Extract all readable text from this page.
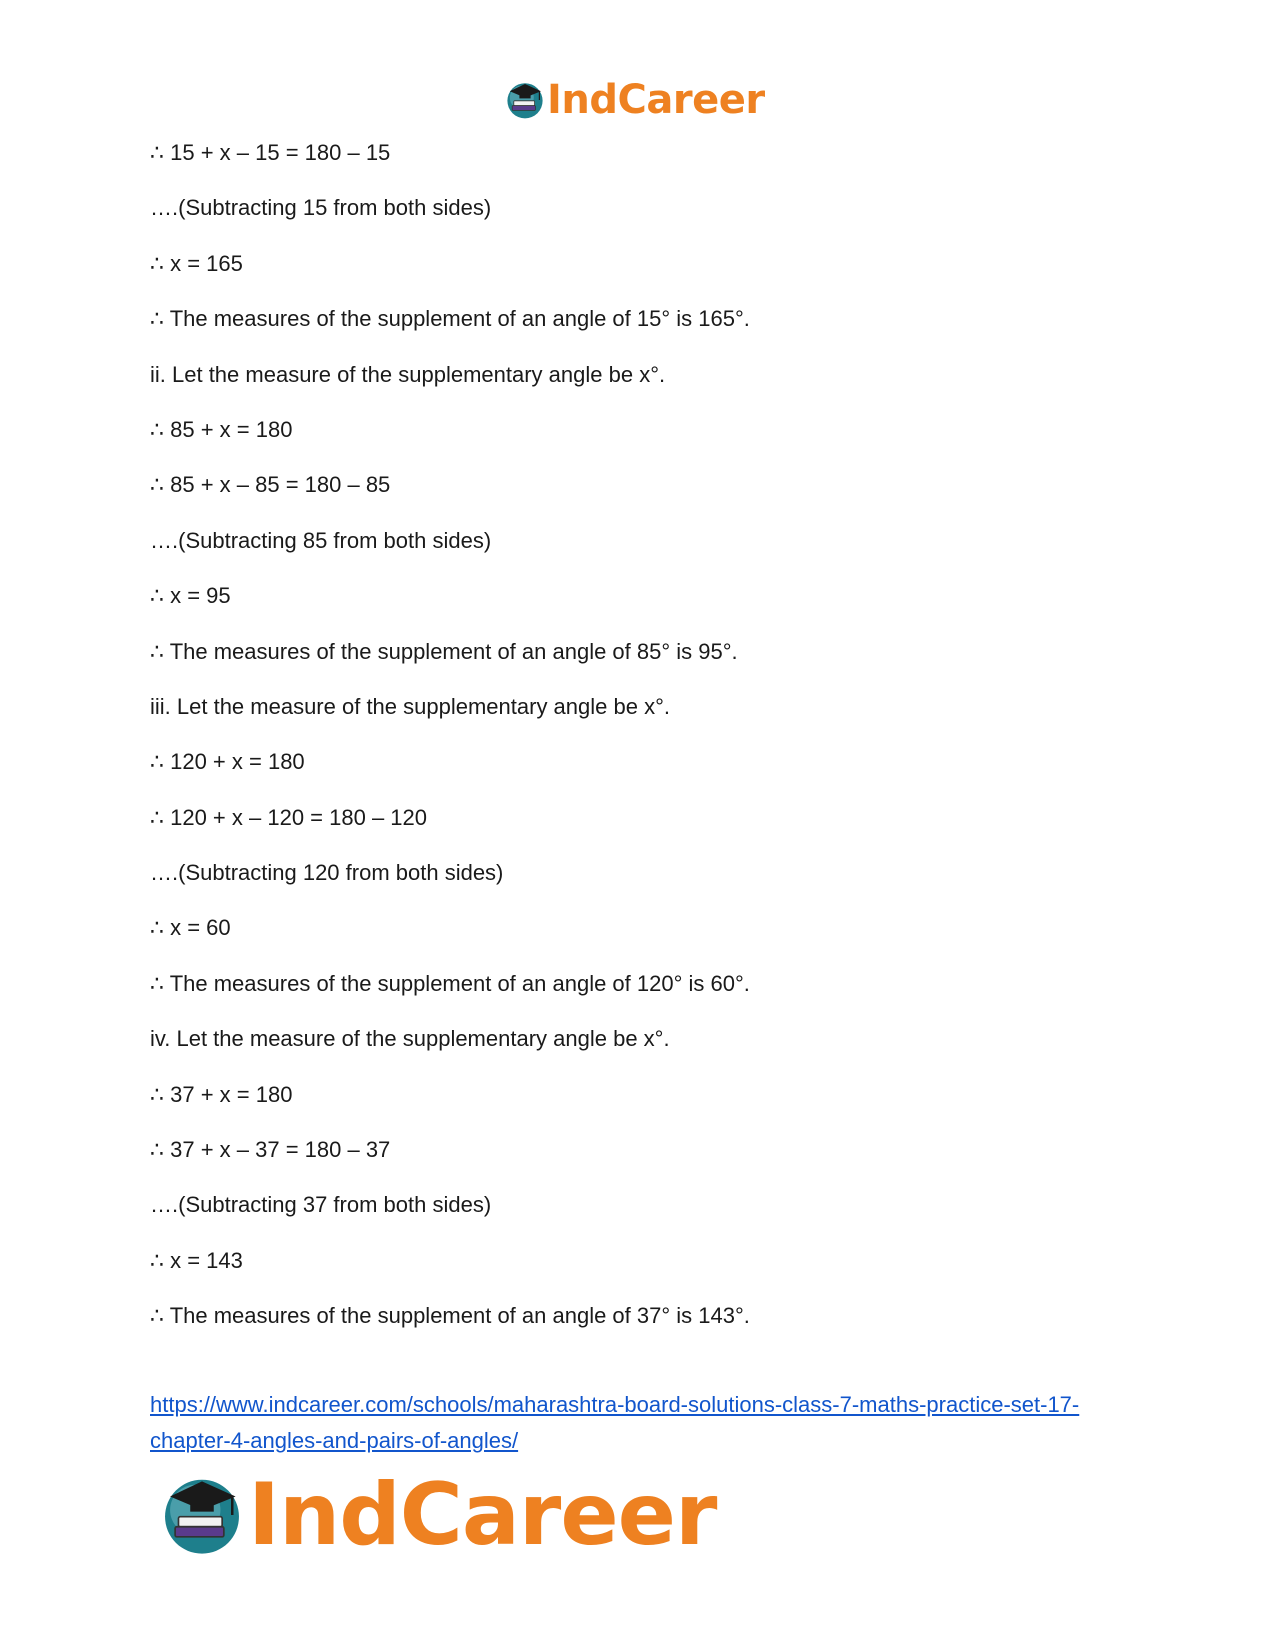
IndCareer
∴ 15 + x – 15 = 180 – 15
….(Subtracting 15 from both sides)
∴ x = 165
∴ The measures of the supplement of an angle of 15° is 165°.
ii. Let the measure of the supplementary angle be x°.
∴ 85 + x = 180
∴ 85 + x – 85 = 180 – 85
….(Subtracting 85 from both sides)
∴ x = 95
∴ The measures of the supplement of an angle of 85° is 95°.
iii. Let the measure of the supplementary angle be x°.
∴ 120 + x = 180
∴ 120 + x – 120 = 180 – 120
….(Subtracting 120 from both sides)
∴ x = 60
∴ The measures of the supplement of an angle of 120° is 60°.
iv. Let the measure of the supplementary angle be x°.
∴ 37 + x = 180
∴ 37 + x – 37 = 180 – 37
….(Subtracting 37 from both sides)
∴ x = 143
∴ The measures of the supplement of an angle of 37° is 143°.
https://www.indcareer.com/schools/maharashtra-board-solutions-class-7-maths-practice-set-17-
chapter-4-angles-and-pairs-of-angles/
IndCareer
